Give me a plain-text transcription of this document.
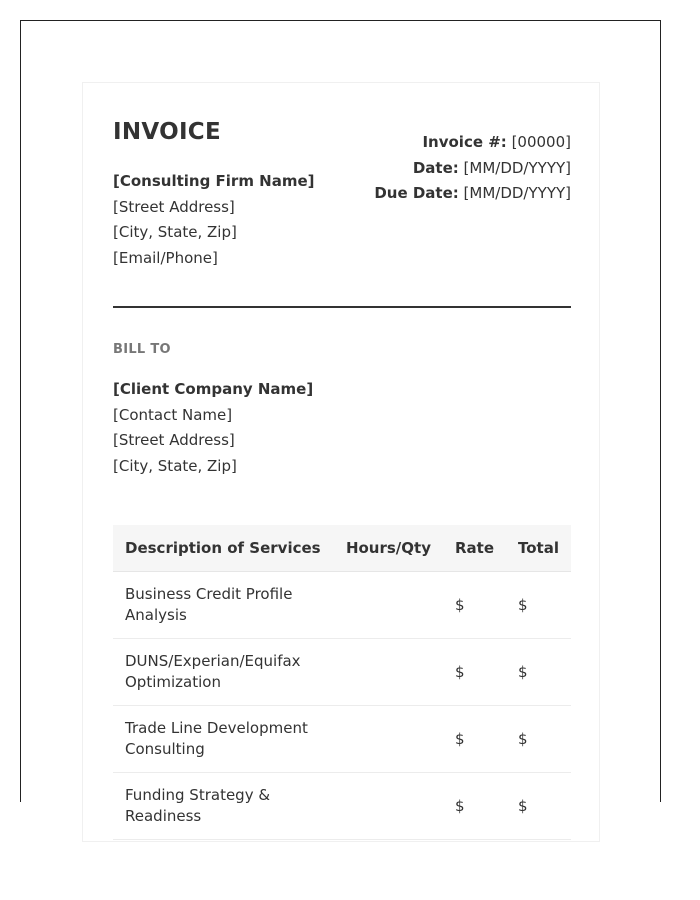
INVOICE
[Consulting Firm Name]
[Street Address]
[City, State, Zip]
[Email/Phone]
Invoice #: [00000]
Date: [MM/DD/YYYY]
Due Date: [MM/DD/YYYY]
BILL TO
[Client Company Name]
[Contact Name]
[Street Address]
[City, State, Zip]
Description of Services	Hours/Qty	Rate	Total
Business Credit Profile Analysis		$	$
DUNS/Experian/Equifax Optimization		$	$
Trade Line Development Consulting		$	$
Funding Strategy & Readiness		$	$
